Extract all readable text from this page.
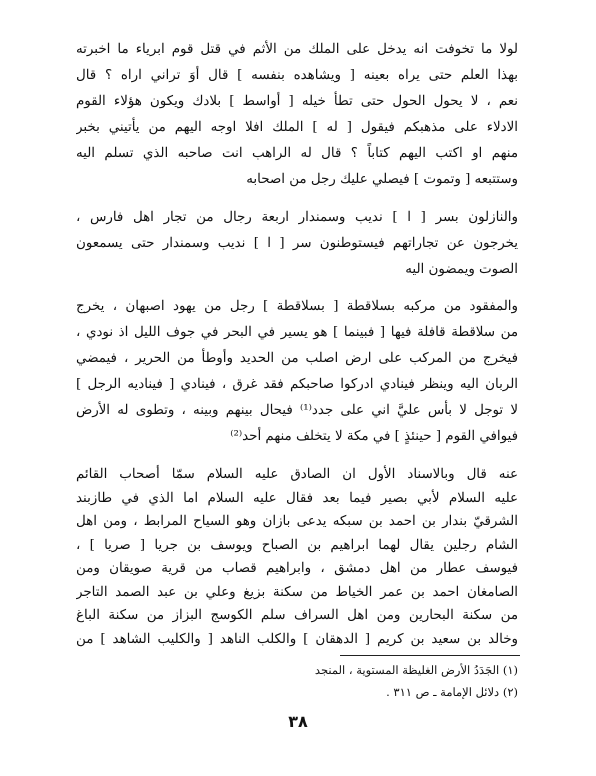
لولا ما تخوفت انه يدخل على الملك من الأثم في قتل قوم ابرياء ما اخبرته
بهذا العلم حتى يراه بعينه [ ويشاهده بنفسه ] قال أوَ تراني اراه ؟ قال
نعم ، لا يحول الحول حتى تطأ خيله [ أواسط ] بلادك ويكون هؤلاء القوم
الادلاء على مذهبكم فيقول [ له ] الملك افلا اوجه اليهم من يأتيني بخبر
منهم او اكتب اليهم كتاباً ؟ قال له الراهب انت صاحبه الذي تسلم اليه
وستتبعه [ وتموت ] فيصلي عليك رجل من اصحابه
والنازلون بسر [ ا ] نديب وسمندار اربعة رجال من تجار اهل فارس ،
يخرجون عن تجاراتهم فيستوطنون سر [ ا ] نديب وسمندار حتى يسمعون
الصوت ويمضون اليه
والمفقود من مركبه بسلاقطة [ بسلاقطة ] رجل من يهود اصبهان ، يخرج
من سلاقطة قافلة فيها [ فبينما ] هو يسير في البحر في جوف الليل اذ نودي ،
فيخرج من المركب على ارض اصلب من الحديد وأوطأ من الحرير ، فيمضي
الربان اليه وينظر فينادي ادركوا صاحبكم فقد غرق ، فينادي [ فيناديه الرجل ]
لا توجل لا بأس عليَّ اني على جدد⁽¹⁾ فيحال بينهم وبينه ، وتطوى له الأرض
فيوافي القوم [ حينئذٍ ] في مكة لا يتخلف منهم أحد⁽²⁾
عنه قال وبالاسناد الأول ان الصادق عليه السلام سمّا أصحاب القائم
عليه السلام لأبي بصير فيما بعد فقال عليه السلام اما الذي في طازبند
الشرقيّ بندار بن احمد بن سبكه يدعى بازان وهو السياح المرابط ، ومن اهل
الشام رجلين يقال لهما ابراهيم بن الصباح ويوسف بن جريا [ صريا ] ،
فيوسف عطار من اهل دمشق ، وابراهيم قصاب من قرية صويقان ومن
الصامغان احمد بن عمر الخياط من سكنة بزيغ وعلي بن عبد الصمد التاجر
من سكنة البحارين ومن اهل السراف سلم الكوسج البزاز من سكنة الباغ
(١) الجَدَدُ الأرض الغليظة المستوية ، المنجد
(٢) دلائل الإمامة ـ ص ٣١١ .
٣٨
وخالد بن سعيد بن كريم [ الدهقان ] والكلب الناهد [ والكليب الشاهد ] من
